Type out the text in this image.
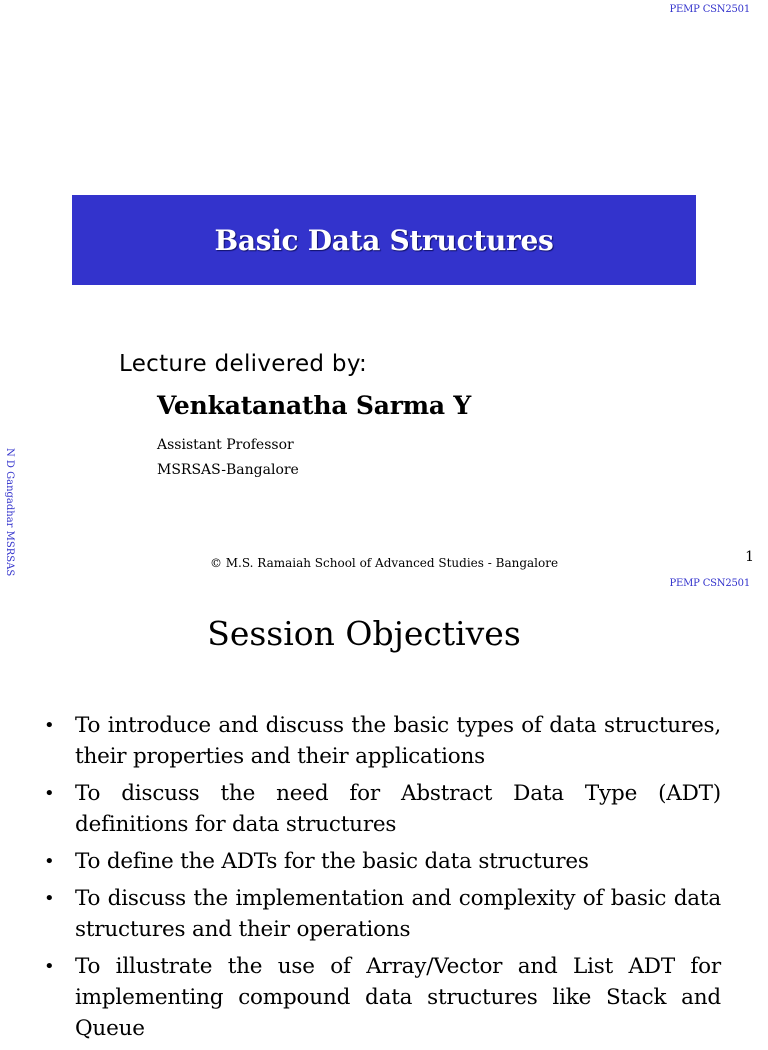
PEMP CSN2501
Basic Data Structures
Lecture delivered by:
Venkatanatha Sarma Y
Assistant Professor
MSRSAS-Bangalore
N D Gangadhar MSRSAS	© M.S. Ramaiah School of Advanced Studies - Bangalore	1
PEMP CSN2501
Session Objectives
• To introduce and discuss the basic types of data structures, their properties and their applications
• To discuss the need for Abstract Data Type (ADT) definitions for data structures
• To define the ADTs for the basic data structures
• To discuss the implementation and complexity of basic data structures and their operations
• To illustrate the use of Array/Vector and List ADT for implementing compound data structures like Stack and Queue
